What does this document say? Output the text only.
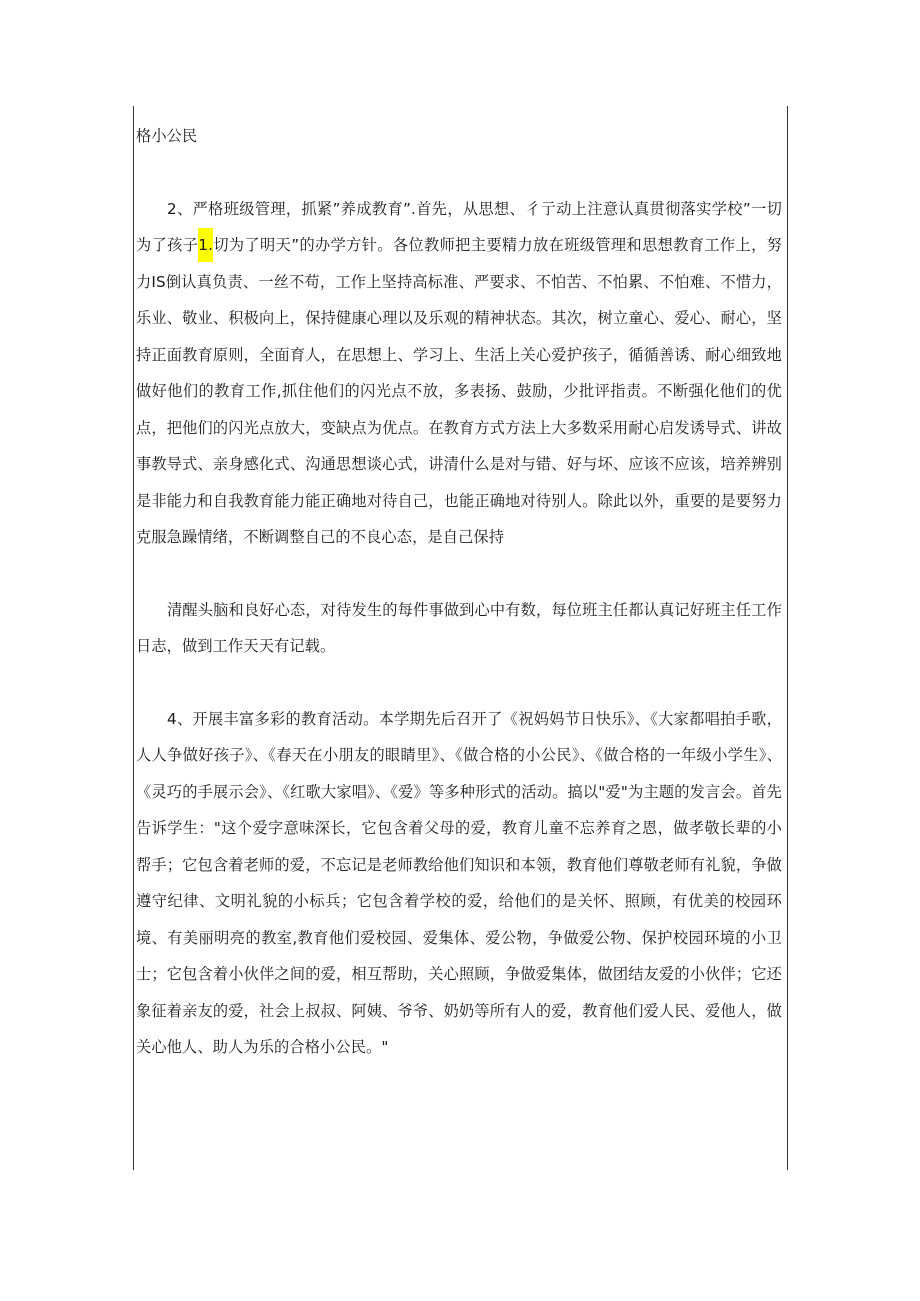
格小公民

2、严格班级管理，抓紧”养成教育”.首先，从思想、彳亍动上注意认真贯彻落实学校”一切为了孩子1.切为了明天”的办学方针。各位教师把主要精力放在班级管理和思想教育工作上，努力IS倒认真负责、一丝不苟，工作上坚持高标准、严要求、不怕苦、不怕累、不怕难、不惜力，乐业、敬业、积极向上，保持健康心理以及乐观的精神状态。其次，树立童心、爱心、耐心，坚持正面教育原则，全面育人，在思想上、学习上、生活上关心爱护孩子，循循善诱、耐心细致地做好他们的教育工作,抓住他们的闪光点不放，多表扬、鼓励，少批评指责。不断强化他们的优点，把他们的闪光点放大，变缺点为优点。在教育方式方法上大多数采用耐心启发诱导式、讲故事教导式、亲身感化式、沟通思想谈心式，讲清什么是对与错、好与坏、应该不应该，培养辨别是非能力和自我教育能力能正确地对待自己，也能正确地对待别人。除此以外，重要的是要努力克服急躁情绪，不断调整自己的不良心态，是自己保持

清醒头脑和良好心态，对待发生的每件事做到心中有数，每位班主任都认真记好班主任工作日志，做到工作天天有记载。

4、开展丰富多彩的教育活动。本学期先后召开了《祝妈妈节日快乐》、《大家都唱拍手歌，人人争做好孩子》、《春天在小朋友的眼睛里》、《做合格的小公民》、《做合格的一年级小学生》、《灵巧的手展示会》、《红歌大家唱》、《爱》等多种形式的活动。搞以"爱"为主题的发言会。首先告诉学生："这个爱字意味深长，它包含着父母的爱，教育儿童不忘养育之恩，做孝敬长辈的小帮手；它包含着老师的爱，不忘记是老师教给他们知识和本领，教育他们尊敬老师有礼貌，争做遵守纪律、文明礼貌的小标兵；它包含着学校的爱，给他们的是关怀、照顾，有优美的校园环境、有美丽明亮的教室,教育他们爱校园、爱集体、爱公物，争做爱公物、保护校园环境的小卫士；它包含着小伙伴之间的爱，相互帮助，关心照顾，争做爱集体，做团结友爱的小伙伴；它还象征着亲友的爱，社会上叔叔、阿姨、爷爷、奶奶等所有人的爱，教育他们爱人民、爱他人，做关心他人、助人为乐的合格小公民。"
